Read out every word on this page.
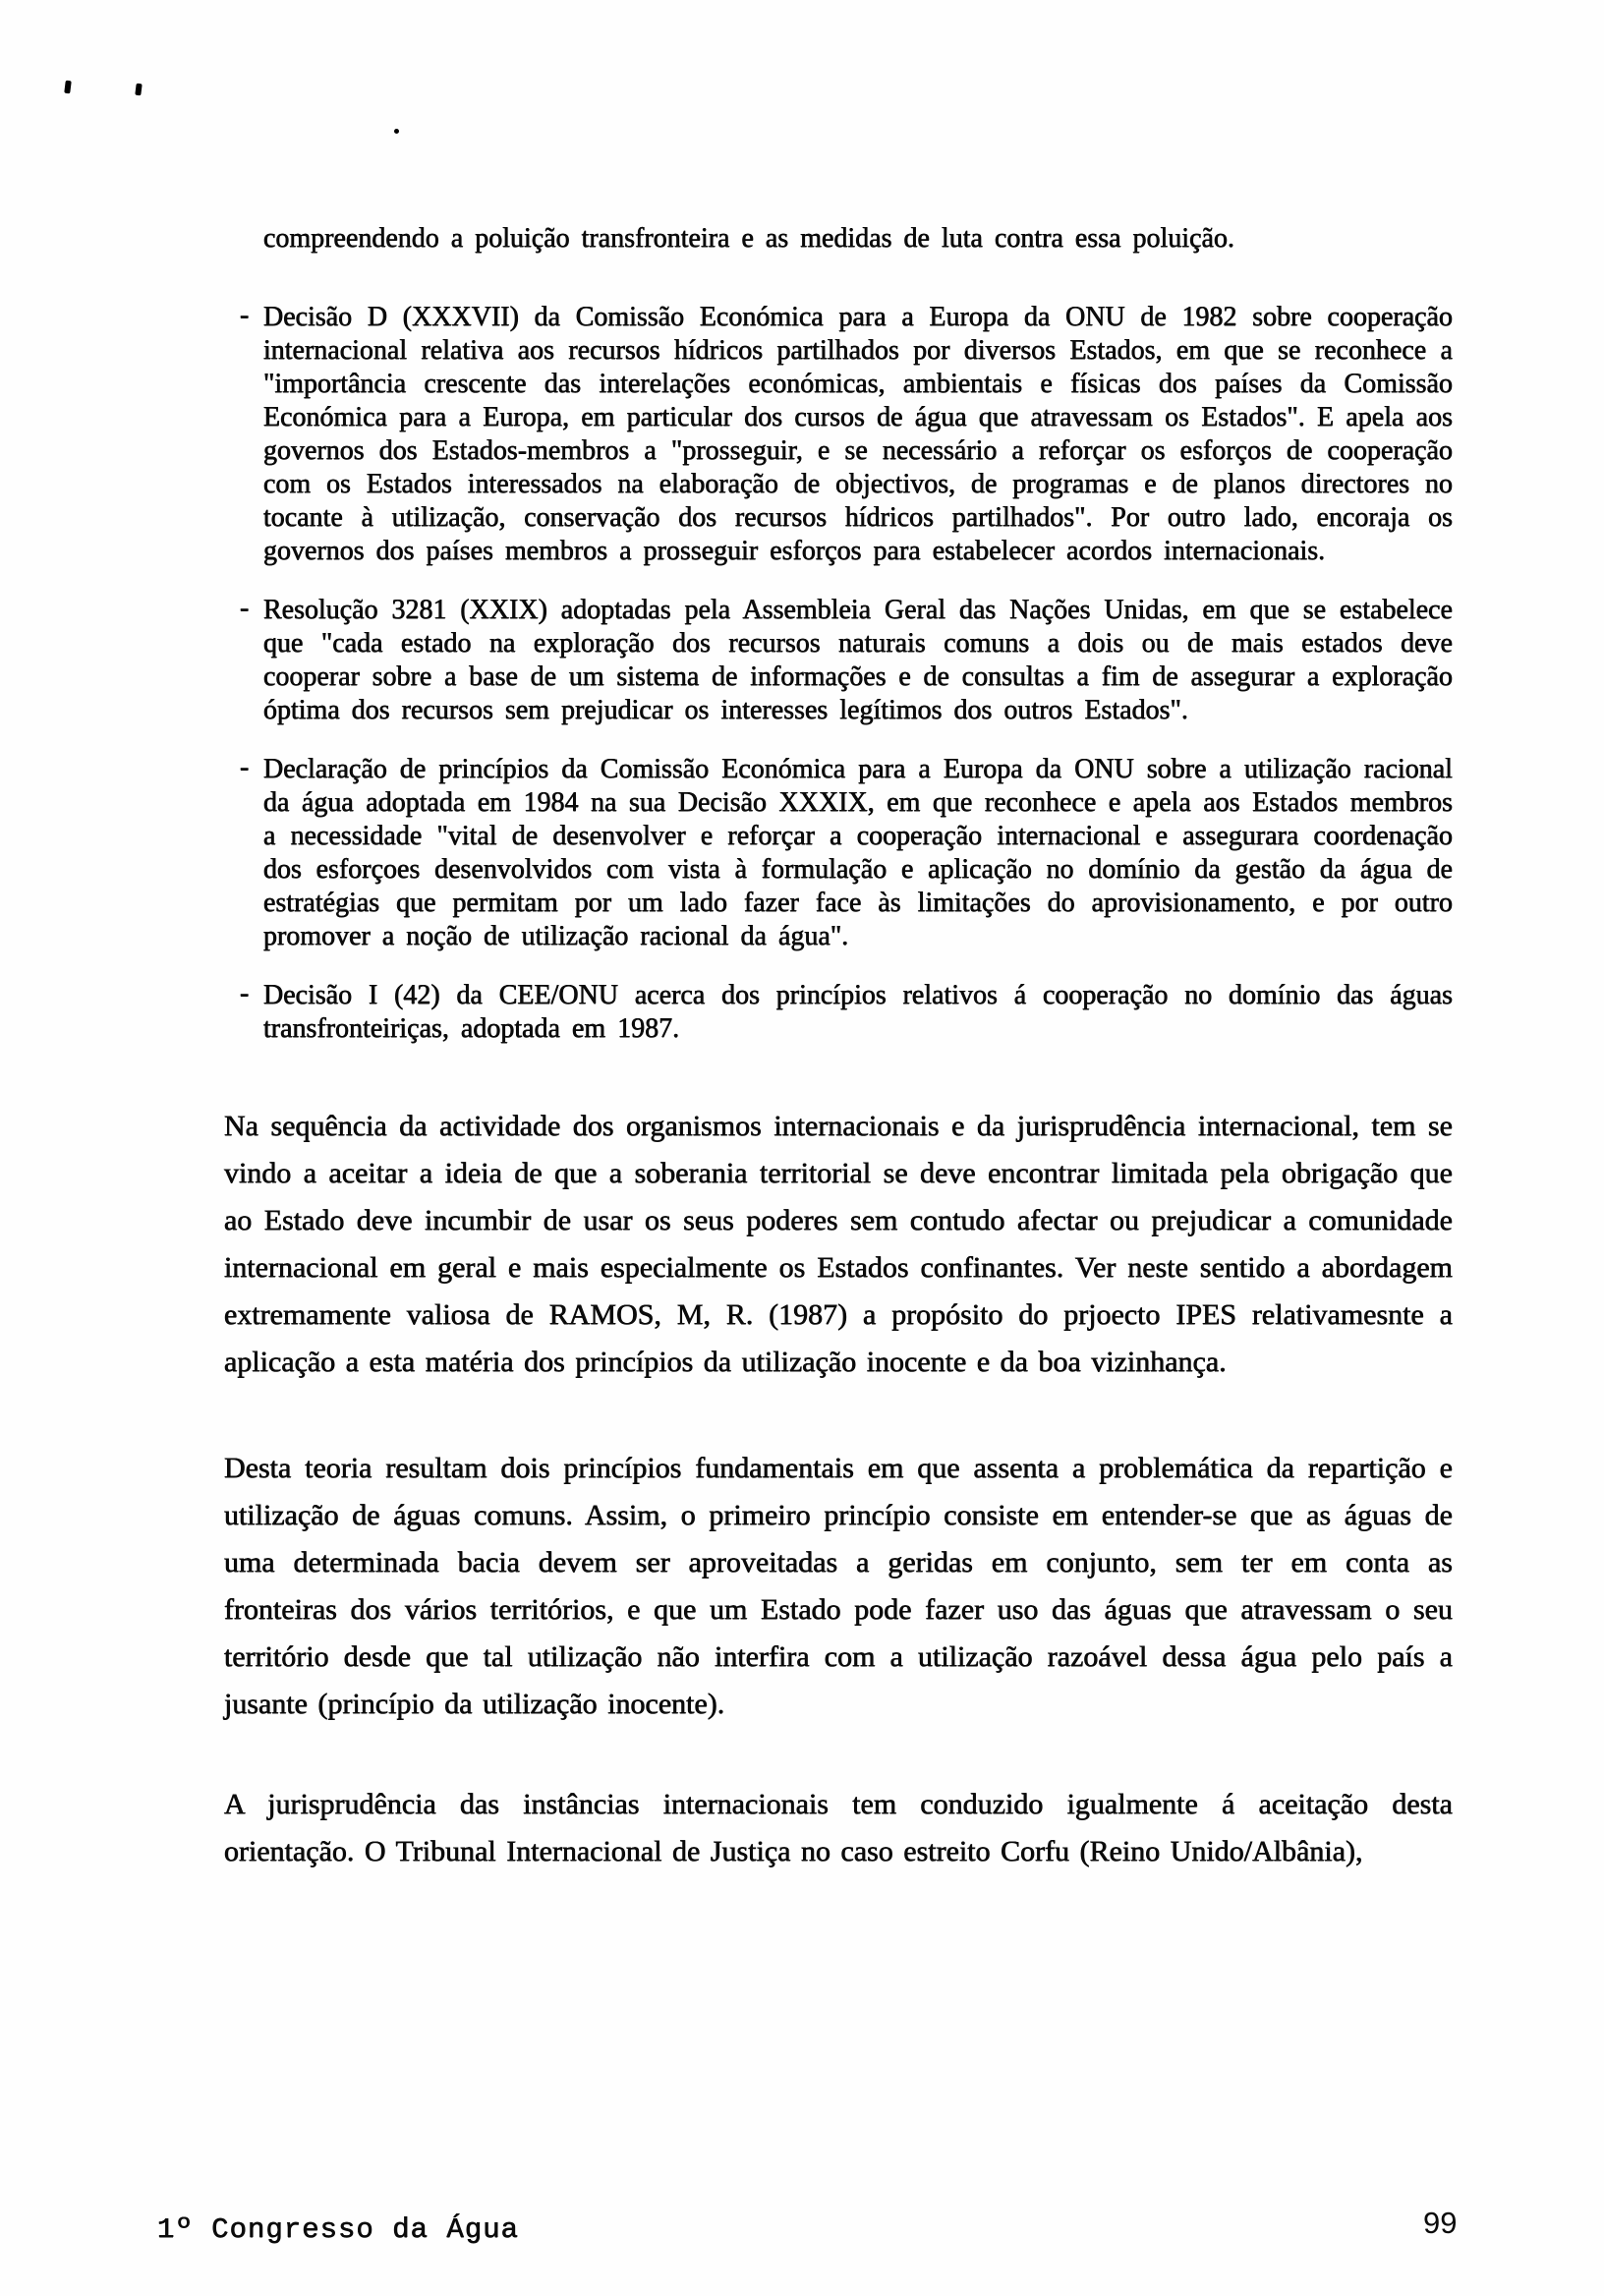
compreendendo a poluição transfronteira e as medidas de luta contra essa poluição.
- Decisão D (XXXVII) da Comissão Económica para a Europa da ONU de 1982 sobre cooperação internacional relativa aos recursos hídricos partilhados por diversos Estados, em que se reconhece a "importância crescente das interelações económicas, ambientais e físicas dos países da Comissão Económica para a Europa, em particular dos cursos de água que atravessam os Estados". E apela aos governos dos Estados-membros a "prosseguir, e se necessário a reforçar os esforços de cooperação com os Estados interessados na elaboração de objectivos, de programas e de planos directores no tocante à utilização, conservação dos recursos hídricos partilhados". Por outro lado, encoraja os governos dos países membros a prosseguir esforços para estabelecer acordos internacionais.
- Resolução 3281 (XXIX) adoptadas pela Assembleia Geral das Nações Unidas, em que se estabelece que "cada estado na exploração dos recursos naturais comuns a dois ou de mais estados deve cooperar sobre a base de um sistema de informações e de consultas a fim de assegurar a exploração óptima dos recursos sem prejudicar os interesses legítimos dos outros Estados".
- Declaração de princípios da Comissão Económica para a Europa da ONU sobre a utilização racional da água adoptada em 1984 na sua Decisão XXXIX, em que reconhece e apela aos Estados membros a necessidade "vital de desenvolver e reforçar a cooperação internacional e assegurara coordenação dos esforçoes desenvolvidos com vista à formulação e aplicação no domínio da gestão da água de estratégias que permitam por um lado fazer face às limitações do aprovisionamento, e por outro promover a noção de utilização racional da água".
- Decisão I (42) da CEE/ONU acerca dos princípios relativos á cooperação no domínio das águas transfronteiriças, adoptada em 1987.
Na sequência da actividade dos organismos internacionais e da jurisprudência internacional, tem se vindo a aceitar a ideia de que a soberania territorial se deve encontrar limitada pela obrigação que ao Estado deve incumbir de usar os seus poderes sem contudo afectar ou prejudicar a comunidade internacional em geral e mais especialmente os Estados confinantes. Ver neste sentido a abordagem extremamente valiosa de RAMOS, M, R. (1987) a propósito do prjoecto IPES relativamesnte a aplicação a esta matéria dos princípios da utilização inocente e da boa vizinhança.
Desta teoria resultam dois princípios fundamentais em que assenta a problemática da repartição e utilização de águas comuns. Assim, o primeiro princípio consiste em entender-se que as águas de uma determinada bacia devem ser aproveitadas a geridas em conjunto, sem ter em conta as fronteiras dos vários territórios, e que um Estado pode fazer uso das águas que atravessam o seu território desde que tal utilização não interfira com a utilização razoável dessa água pelo país a jusante (princípio da utilização inocente).
A jurisprudência das instâncias internacionais tem conduzido igualmente á aceitação desta orientação. O Tribunal Internacional de Justiça no caso estreito Corfu (Reino Unido/Albânia),
1º Congresso da Água	99
